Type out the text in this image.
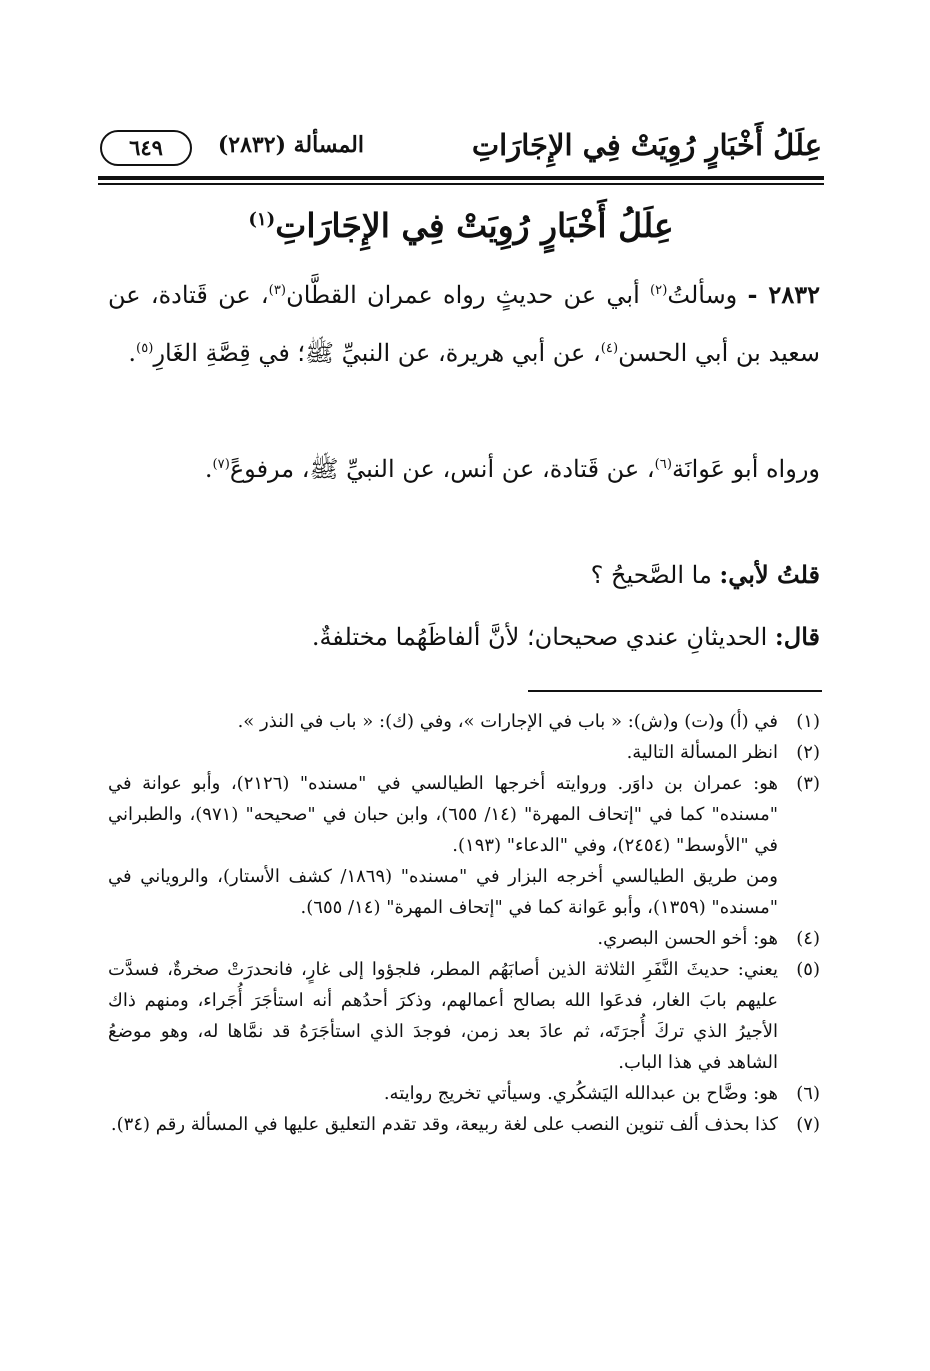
عِلَلُ أَخْبَارٍ رُوِيَتْ فِي الإِجَارَاتِ
المسألة (٢٨٣٢)
٦٤٩
عِلَلُ أَخْبَارٍ رُوِيَتْ فِي الإِجَارَاتِ$^{(١)}$
٢٨٣٢ - وسألتُ$^{(٢)}$ أبي عن حديثٍ رواه عمران القطَّان$^{(٣)}$، عن قَتادة، عن سعيد بن أبي الحسن$^{(٤)}$، عن أبي هريرة، عن النبيِّ ﷺ؛ في قِصَّةِ الغَارِ$^{(٥)}$.
ورواه أبو عَوانَة$^{(٦)}$، عن قَتادة، عن أنس، عن النبيِّ ﷺ، مرفوعً$^{(٧)}$.
قلتُ لأبي: ما الصَّحيحُ ؟
قال: الحديثانِ عندي صحيحان؛ لأنَّ ألفاظَهُما مختلفةٌ.
(١)
في (أ) و(ت) و(ش): « باب في الإجارات »، وفي (ك): « باب في النذر ».
(٢)
انظر المسألة التالية.
(٣)
هو: عمران بن داوَر. وروايته أخرجها الطيالسي في "مسنده" (٢١٢٦)، وأبو عوانة في "مسنده" كما في "إتحاف المهرة" (١٤/ ٦٥٥)، وابن حبان في "صحيحه" (٩٧١)، والطبراني في "الأوسط" (٢٤٥٤)، وفي "الدعاء" (١٩٣).
ومن طريق الطيالسي أخرجه البزار في "مسنده" (١٨٦٩/ كشف الأستار)، والروياني في "مسنده" (١٣٥٩)، وأبو عَوانة كما في "إتحاف المهرة" (١٤/ ٦٥٥).
(٤)
هو: أخو الحسن البصري.
(٥)
يعني: حديثَ النَّفَرِ الثلاثة الذين أصابَهُم المطر، فلجؤوا إلى غارٍ، فانحدرَتْ صخرةٌ، فسدَّت عليهم بابَ الغار، فدعَوا الله بصالح أعمالهم، وذكرَ أحدُهم أنه استأجَرَ أُجَراء، ومنهم ذاك الأجيرُ الذي تركَ أُجرَتَه، ثم عادَ بعد زمن، فوجدَ الذي استأجَرَهُ قد نمَّاها له، وهو موضعُ الشاهد في هذا الباب.
(٦)
هو: وضَّاح بن عبدالله اليَشكُري. وسيأتي تخريج روايته.
(٧)
كذا بحذف ألف تنوين النصب على لغة ربيعة، وقد تقدم التعليق عليها في المسألة رقم (٣٤).
